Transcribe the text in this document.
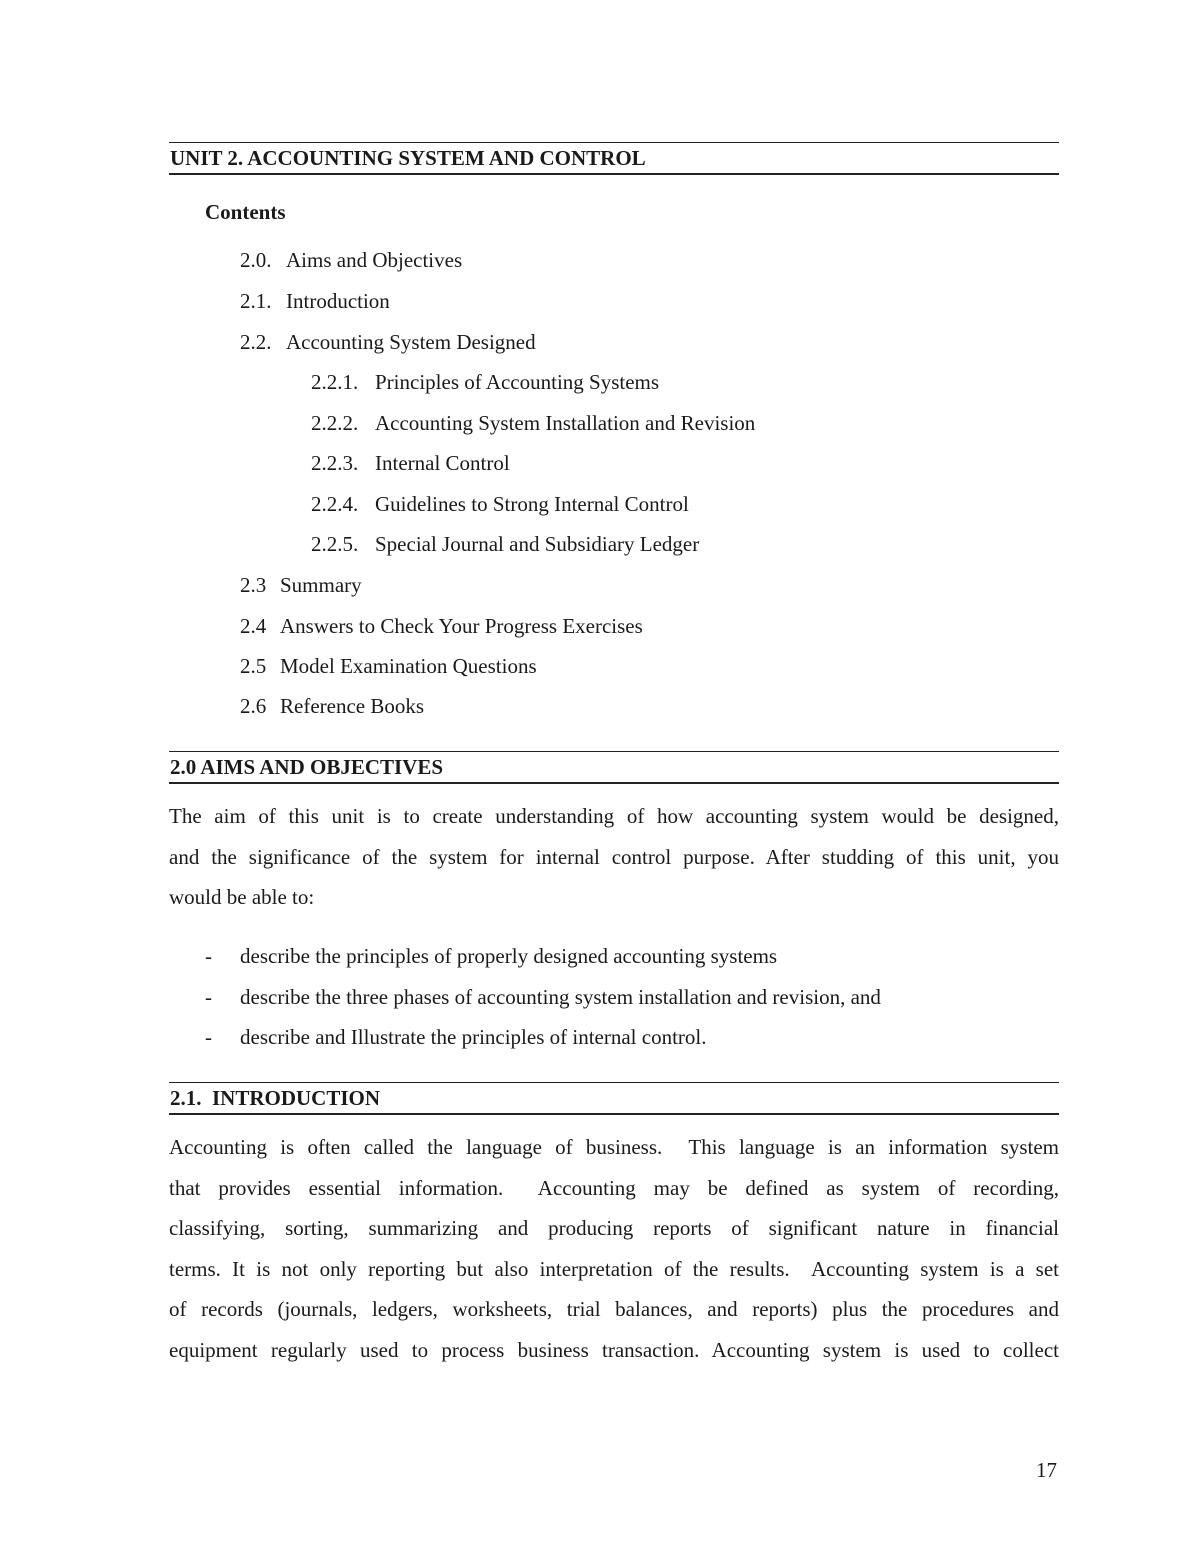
UNIT 2. ACCOUNTING SYSTEM AND CONTROL
Contents
2.0. Aims and Objectives
2.1. Introduction
2.2. Accounting System Designed
2.2.1. Principles of Accounting Systems
2.2.2. Accounting System Installation and Revision
2.2.3. Internal Control
2.2.4. Guidelines to Strong Internal Control
2.2.5. Special Journal and Subsidiary Ledger
2.3 Summary
2.4 Answers to Check Your Progress Exercises
2.5 Model Examination Questions
2.6 Reference Books
2.0 AIMS AND OBJECTIVES
The aim of this unit is to create understanding of how accounting system would be designed,
and the significance of the system for internal control purpose. After studding of this unit, you
would be able to:
- describe the principles of properly designed accounting systems
- describe the three phases of accounting system installation and revision, and
- describe and Illustrate the principles of internal control.
2.1.  INTRODUCTION
Accounting is often called the language of business.  This language is an information system
that provides essential information.  Accounting may be defined as system of recording,
classifying, sorting, summarizing and producing reports of significant nature in financial
terms. It is not only reporting but also interpretation of the results.  Accounting system is a set
of records (journals, ledgers, worksheets, trial balances, and reports) plus the procedures and
equipment regularly used to process business transaction. Accounting system is used to collect
17
